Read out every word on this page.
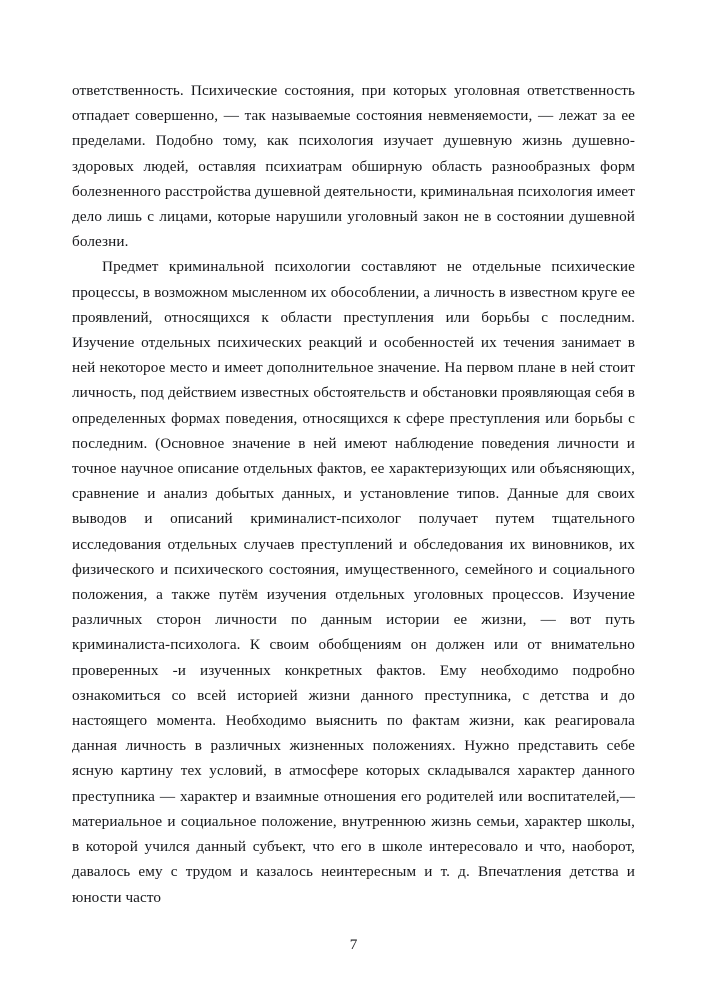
ответственность. Психические состояния, при которых уголовная ответственность отпадает совершенно, — так называемые состояния невменяемости, — лежат за ее пределами. Подобно тому, как психология изучает душевную жизнь душевно-здоровых людей, оставляя психиатрам обширную область разнообразных форм болезненного расстройства душевной деятельности, криминальная психология имеет дело лишь с лицами, которые нарушили уголовный закон не в состоянии душевной болезни.

Предмет криминальной психологии составляют не отдельные психические процессы, в возможном мысленном их обособлении, а личность в известном круге ее проявлений, относящихся к области преступления или борьбы с последним. Изучение отдельных психических реакций и особенностей их течения занимает в ней некоторое место и имеет дополнительное значение. На первом плане в ней стоит личность, под действием известных обстоятельств и обстановки проявляющая себя в определенных формах поведения, относящихся к сфере преступления или борьбы с последним. (Основное значение в ней имеют наблюдение поведения личности и точное научное описание отдельных фактов, ее характеризующих или объясняющих, сравнение и анализ добытых данных, и установление типов. Данные для своих выводов и описаний криминалист-психолог получает путем тщательного исследования отдельных случаев преступлений и обследования их виновников, их физического и психического состояния, имущественного, семейного и социального положения, а также путём изучения отдельных уголовных процессов. Изучение различных сторон личности по данным истории ее жизни, — вот путь криминалиста-психолога. К своим обобщениям он должен или от внимательно проверенных -и изученных конкретных фактов. Ему необходимо подробно ознакомиться со всей историей жизни данного преступника, с детства и до настоящего момента. Необходимо выяснить по фактам жизни, как реагировала данная личность в различных жизненных положениях. Нужно представить себе ясную картину тех условий, в атмосфере которых складывался характер данного преступника — характер и взаимные отношения его родителей или воспитателей,— материальное и социальное положение, внутреннюю жизнь семьи, характер школы, в которой учился данный субъект, что его в школе интересовало и что, наоборот, давалось ему с трудом и казалось неинтересным и т. д. Впечатления детства и юности часто

7
